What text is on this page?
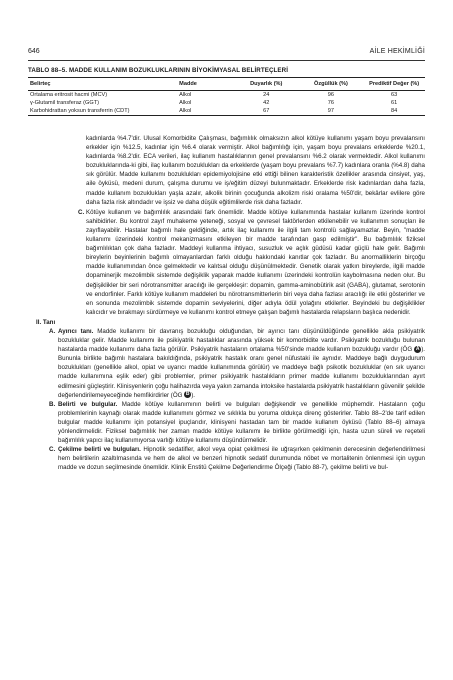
646	AİLE HEKİMLİĞİ
TABLO 88–5. MADDE KULLANIM BOZUKLUKLARININ BİYOKİMYASAL BELİRTEÇLERİ
Belirteç	Madde	Duyarlık (%)	Özgüllük (%)	Prediktif Değer (%)
Ortalama eritrosit hacmi (MCV)	Alkol	24	96	63
γ-Glutamil transferaz (GGT)	Alkol	42	76	61
Karbohidrattan yoksun transferrin (CDT)	Alkol	67	97	84
kadınlarda %4.7'dir. Ulusal Komorbidite Çalışması, bağımlılık olmaksızın alkol kötüye kullanımı yaşam boyu prevalansını erkekler için %12.5, kadınlar için %6.4 olarak vermiştir. Alkol bağımlılığı için, yaşam boyu prevalans erkeklerde %20.1, kadınlarda %8.2'dir. ECA verileri, ilaç kullanım hastalıklarının genel prevalansını %6.2 olarak vermektedir. Alkol kullanımı bozukluklarında-ki gibi, ilaç kullanım bozuklukları da erkeklerde (yaşam boyu prevalans %7.7) kadınlara oranla (%4.8) daha sık görülür. Madde kullanımı bozuklukları epidemiyolojisine etki ettiği bilinen karakteristik özellikler arasında cinsiyet, yaş, aile öyküsü, medeni durum, çalışma durumu ve iş/eğitim düzeyi bulunmaktadır. Erkeklerde risk kadınlardan daha fazla, madde kullanım bozuklukları yaşla azalır, alkolik birinin çocuğunda alkolizm riski oralama %50'dir, bekârlar evlilere göre daha fazla risk altındadır ve işsiz ve daha düşük eğitimlilerde risk daha fazladır.
C. Kötüye kullanım ve bağımlılık arasındaki fark önemlidir. Madde kötüye kullanımında hastalar kullanım üzerinde kontrol sahibidirler. Bu kontrol zayıf muhakeme yeteneği, sosyal ve çevresel faktörlerden etkilenebilir ve kullanımın sonuçları ile zayıflayabilir. Hastalar bağımlı hale geldiğinde, artık ilaç kullanımı ile ilgili tam kontrolü sağlayamazlar. Beyin, "madde kullanımı üzerindeki kontrol mekanizmasını etkileyen bir madde tarafından gasp edilmiştir". Bu bağımlılık fiziksel bağımlılıktan çok daha fazladır. Maddeyi kullanma ihtiyacı, susuzluk ve açlık güdüsü kadar güçlü hale gelir. Bağımlı bireylerin beyinlerinin bağımlı olmayanlardan farklı olduğu hakkındaki kanıtlar çok fazladır. Bu anormalliklerin birçoğu madde kullanımından önce gelmektedir ve kalıtsal olduğu düşünülmektedir. Genetik olarak yatkın bireylerde, ilgili madde dopaminerjik mezolimbik sistemde değişiklik yaparak madde kullanımı üzerindeki kontrolün kaybolmasına neden olur. Bu değişiklikler bir seri nörotransmitter aracılığı ile gerçekleşir: dopamin, gamma-aminobütirik asit (GABA), glutamat, serotonin ve endorfinler. Farklı kötüye kullanım maddeleri bu nörotransmitterlerin biri veya daha fazlası aracılığı ile etki gösterirler ve en sonunda mezolimbik sistemde dopamin seviyelerini, diğer adıyla ödül yolağını etkilerler. Beyindeki bu değişiklikler kalıcıdır ve bırakmayı sürdürmeye ve kullanımı kontrol etmeye çalışan bağımlı hastalarda relapsların başlıca nedenidir.
II. Tanı
A. Ayırıcı tanı. Madde kullanımı bir davranış bozukluğu olduğundan, bir ayırıcı tanı düşünüldüğünde genellikle akla psikiyatrik bozukluklar gelir. Madde kullanımı ile psikiyatrik hastalıklar arasında yüksek bir komorbidite vardır. Psikiyatrik bozukluğu bulunan hastalarda madde kullanımı daha fazla görülür. Psikiyatrik hastaların ortalama %50'sinde madde kullanım bozukluğu vardır (ÖG A ). Bununla birlikte bağımlı hastalara bakıldığında, psikiyatrik hastalık oranı genel nüfustaki ile aynıdır. Maddeye bağlı duygudurum bozuklukları (genellikle alkol, opiat ve uyarıcı madde kullanımında görülür) ve maddeye bağlı psikotik bozukluklar (en sık uyarıcı madde kullanımına eşlik eder) gibi problemler, primer psikiyatrik hastalıkların primer madde kullanımı bozukluklarından ayırt edilmesini güçleştirir. Klinisyenlerin çoğu halihazırda veya yakın zamanda intoksike hastalarda psikiyatrik hastalıkların güvenilir şekilde değerlendirilemeyeceğinde hemfikirdirler (ÖG B ).
B. Belirti ve bulgular. Madde kötüye kullanımının belirti ve bulguları değişkendir ve genellikle müphemdir. Hastaların çoğu problemlerinin kaynağı olarak madde kullanımını görmez ve sıklıkla bu yoruma oldukça direnç gösterirler. Tablo 88–2'de tarif edilen bulgular madde kullanımı için potansiyel ipuçlarıdır, klinisyeni hastadan tam bir madde kullanım öyküsü (Tablo 88–6) almaya yönlendirmelidir. Fiziksel bağımlılık her zaman madde kötüye kullanımı ile birlikte görülmediği için, hasta uzun süreli ve reçeteli bağımlılık yapıcı ilaç kullanımıyorsa varlığı kötüye kullanımı düşündürmelidir.
C. Çekilme belirti ve bulguları. Hipnotik sedatifler, alkol veya opiat çekilmesi ile uğraşırken çekilmenin derecesinin değerlendirilmesi hem belirtilerin azaltılmasında ve hem de alkol ve benzeri hipnotik sedatif durumunda nöbet ve mortalitenin önlenmesi için uygun madde ve dozun seçilmesinde önemlidir. Klinik Enstitü Çekilme Değerlendirme Ölçeği (Tablo 88-7), çekilme belirti ve bul-
